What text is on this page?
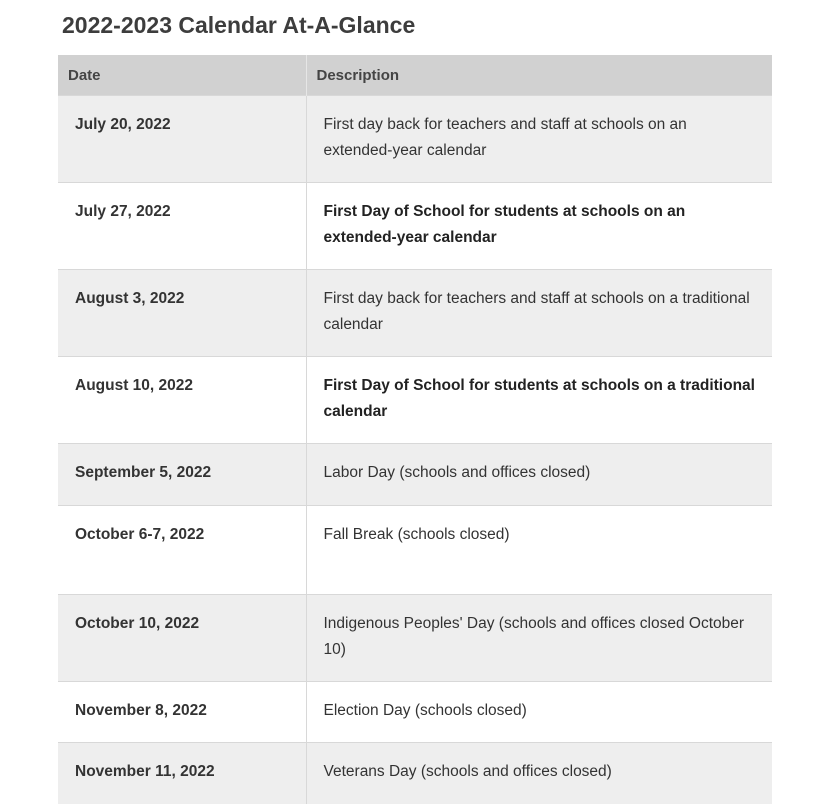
2022-2023 Calendar At-A-Glance
Date	Description
July 20, 2022	First day back for teachers and staff at schools on an extended-year calendar
July 27, 2022	First Day of School for students at schools on an extended-year calendar
August 3, 2022	First day back for teachers and staff at schools on a traditional calendar
August 10, 2022	First Day of School for students at schools on a traditional calendar
September 5, 2022	Labor Day (schools and offices closed)
October 6-7, 2022	Fall Break (schools closed)
October 10, 2022	Indigenous Peoples' Day (schools and offices closed October 10)
November 8, 2022	Election Day (schools closed)
November 11, 2022	Veterans Day (schools and offices closed)
